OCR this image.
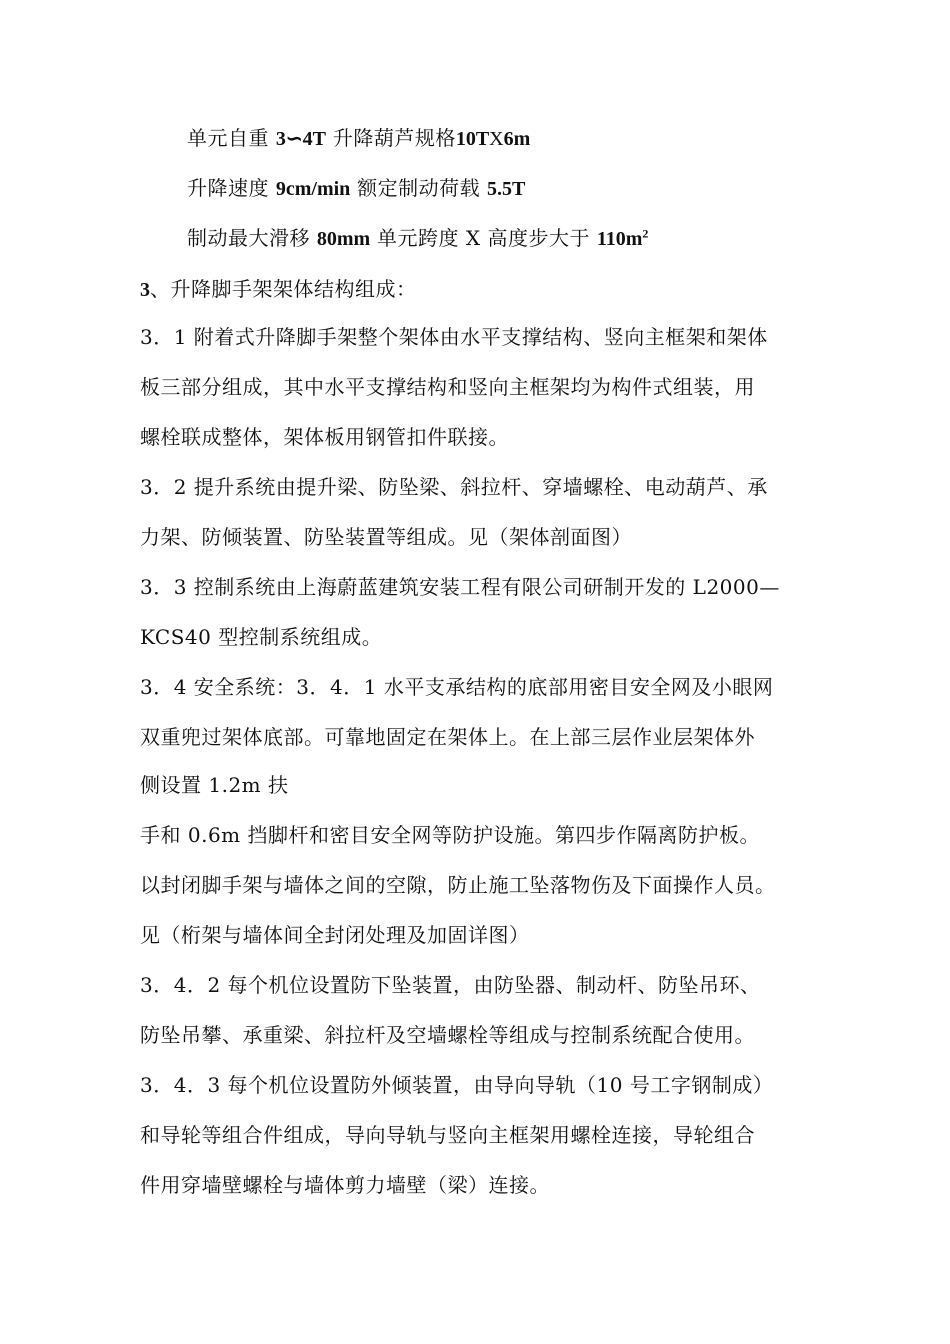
单元自重 3∽4T 升降葫芦规格10TX6m
升降速度 9cm/min 额定制动荷载 5.5T
制动最大滑移 80mm 单元跨度 X 高度步大于 $110m^2$
3、升降脚手架架体结构组成：
3．1 附着式升降脚手架整个架体由水平支撑结构、竖向主框架和架体
板三部分组成，其中水平支撑结构和竖向主框架均为构件式组装，用
螺栓联成整体，架体板用钢管扣件联接。
3．2 提升系统由提升梁、防坠梁、斜拉杆、穿墙螺栓、电动葫芦、承
力架、防倾装置、防坠装置等组成。见（架体剖面图）
3．3 控制系统由上海蔚蓝建筑安装工程有限公司研制开发的 L2000—
KCS40 型控制系统组成。
3．4 安全系统：3．4．1 水平支承结构的底部用密目安全网及小眼网
双重兜过架体底部。可靠地固定在架体上。在上部三层作业层架体外
侧设置 1.2m 扶
手和 0.6m 挡脚杆和密目安全网等防护设施。第四步作隔离防护板。
以封闭脚手架与墙体之间的空隙，防止施工坠落物伤及下面操作人员。
见（桁架与墙体间全封闭处理及加固详图）
3．4．2 每个机位设置防下坠装置，由防坠器、制动杆、防坠吊环、
防坠吊攀、承重梁、斜拉杆及空墙螺栓等组成与控制系统配合使用。
3．4．3 每个机位设置防外倾装置，由导向导轨（10 号工字钢制成）
和导轮等组合件组成，导向导轨与竖向主框架用螺栓连接，导轮组合
件用穿墙壁螺栓与墙体剪力墙壁（梁）连接。
